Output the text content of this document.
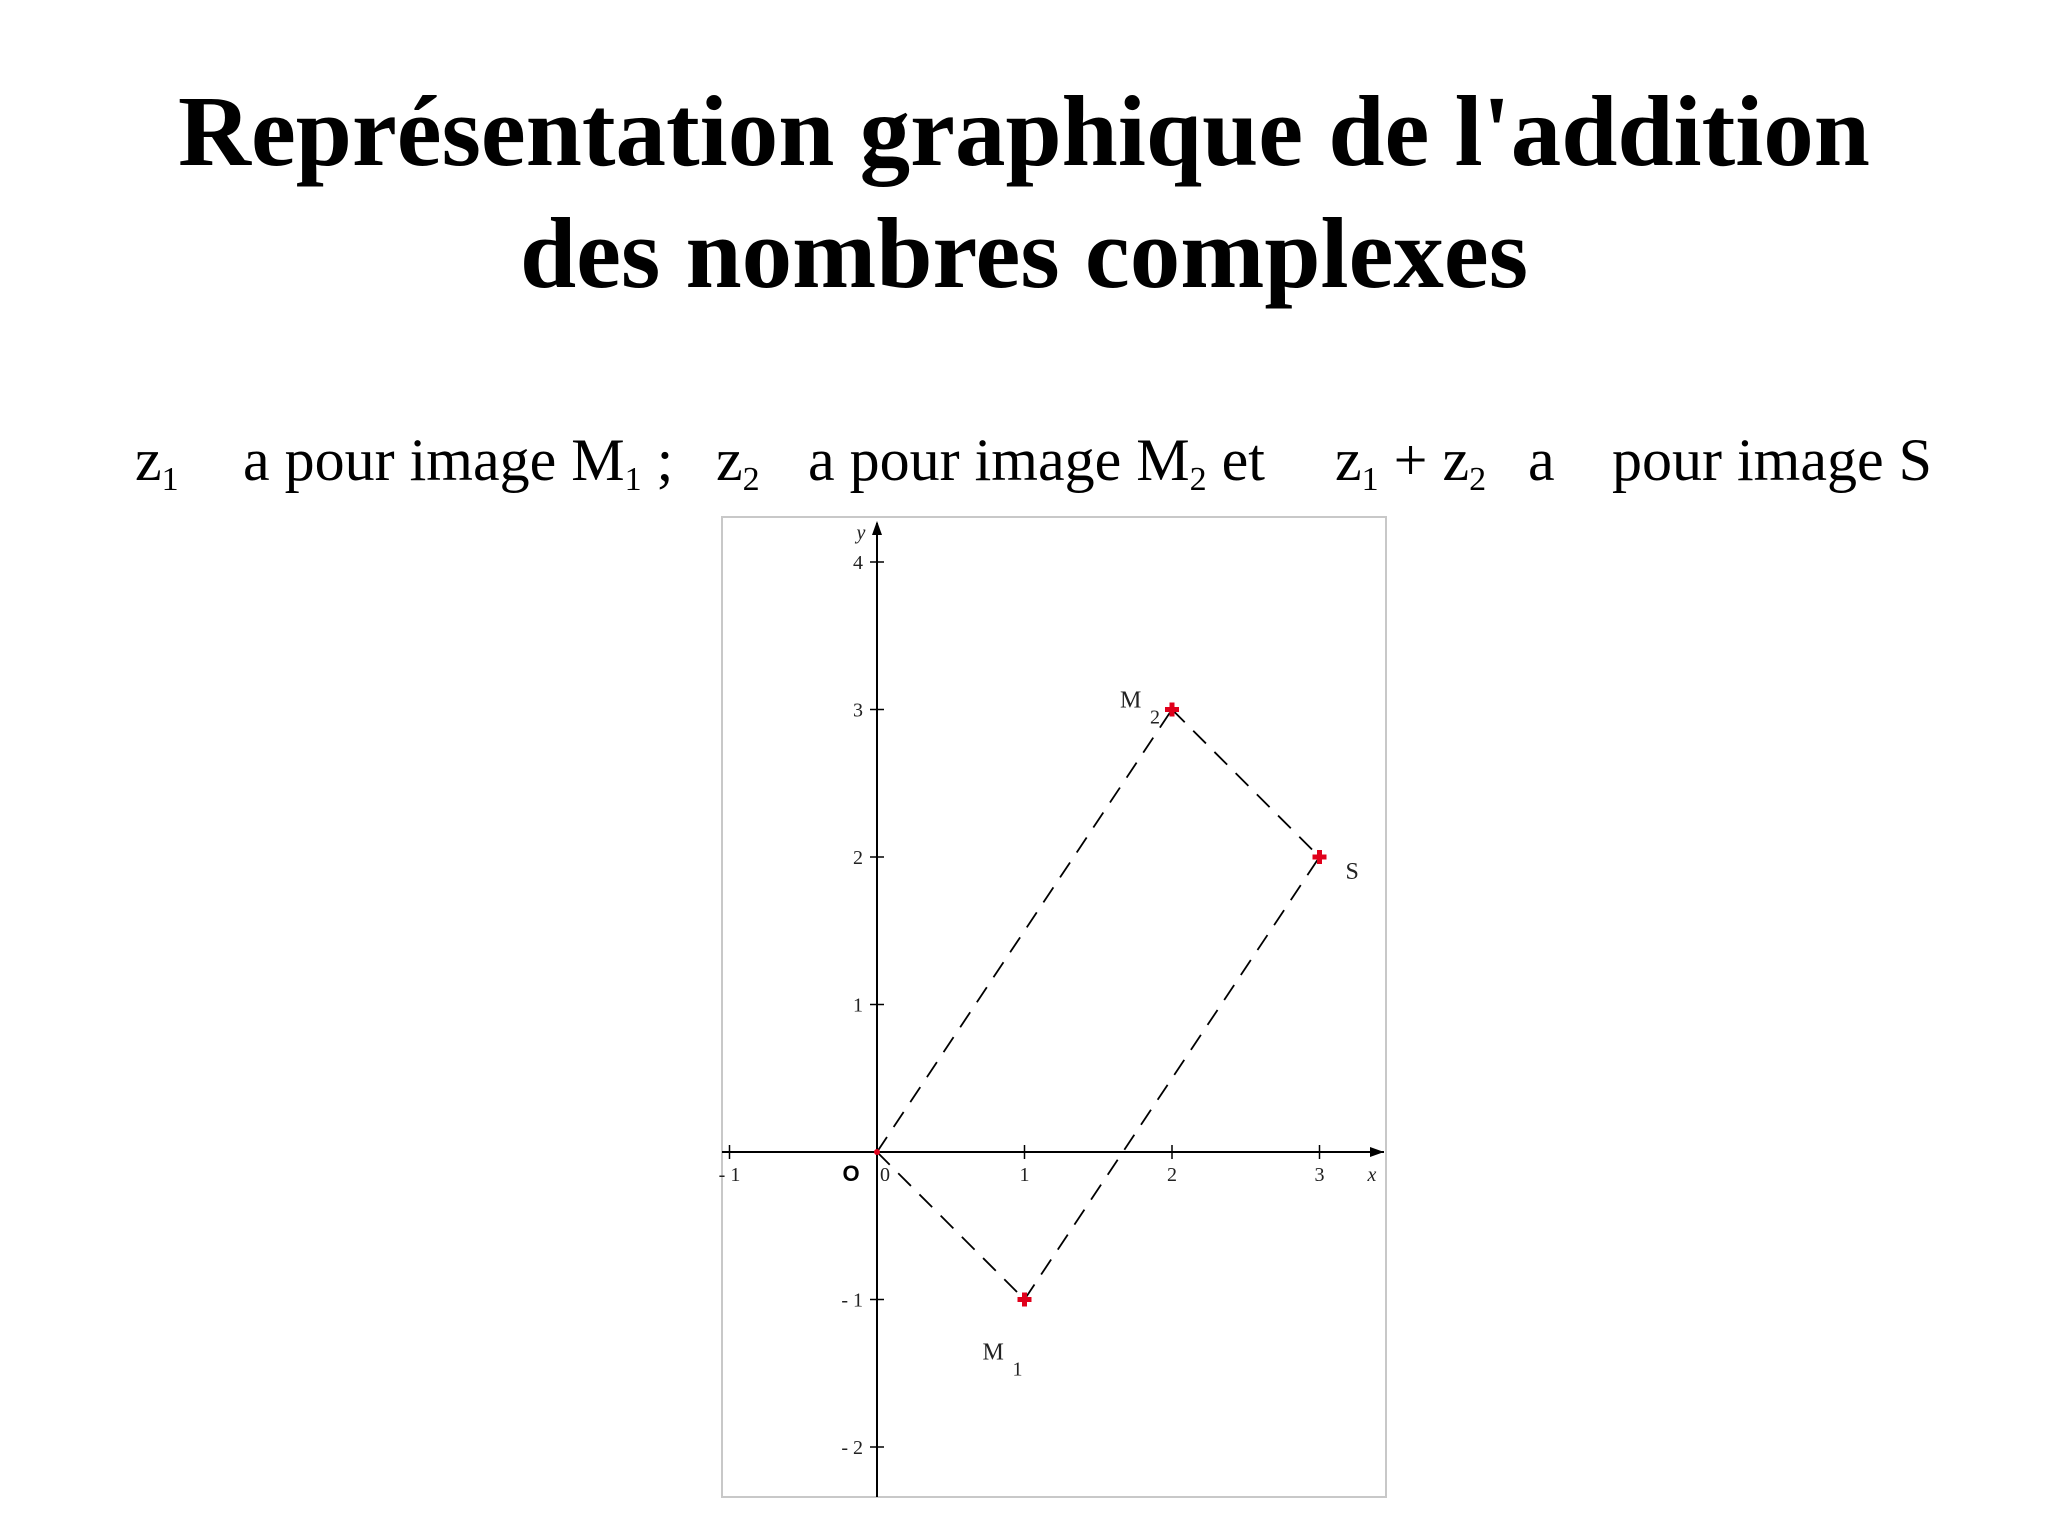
Représentation graphique de l'addition
des nombres complexes
$z_1$ a pour image $M_1$ ; $z_2$ a pour image $M_2$ et $z_1 + z_2$ a pour image S
- 1	0	1	2	3
- 2
- 1
1
2
3
4
x
y
O
M
1
M
2
S
